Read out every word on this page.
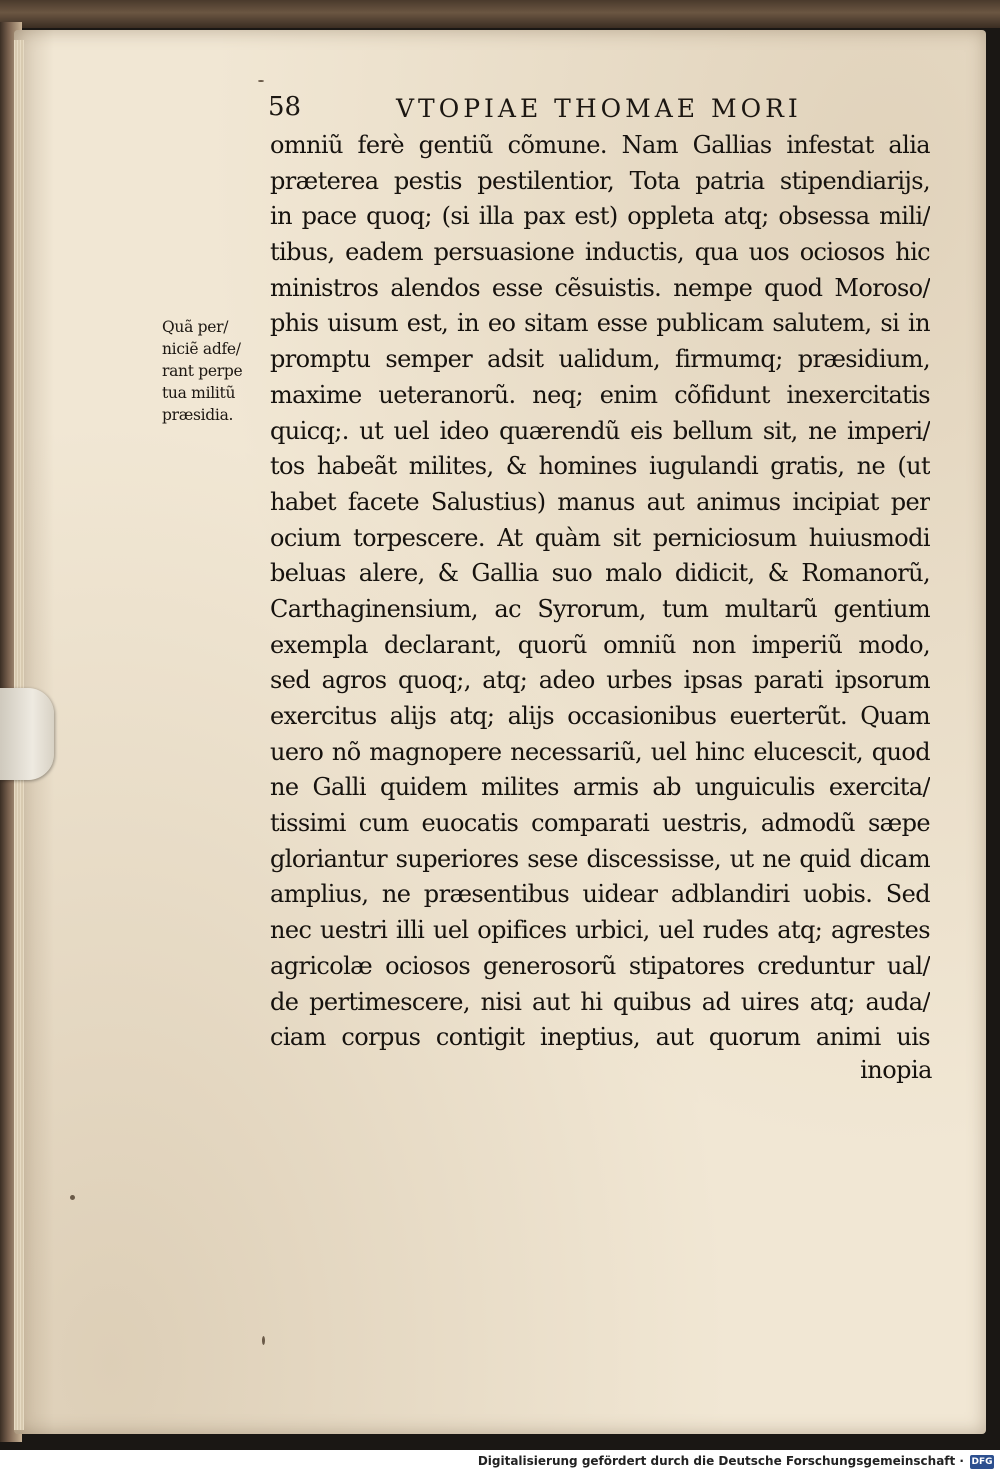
58	VTOPIAE THOMAE MORI
Quã per/
niciẽ adfe/
rant perpe
tua militũ
præsidia.
omniũ ferè gentiũ cõmune. Nam Gallias infestat alia
præterea pestis pestilentior, Tota patria stipendiarijs,
in pace quoq; (si illa pax est) oppleta atq; obsessa mili/
tibus, eadem persuasione inductis, qua uos ociosos hic
ministros alendos esse cẽsuistis. nempe quod Moroso/
phis uisum est, in eo sitam esse publicam salutem, si in
promptu semper adsit ualidum, firmumq; præsidium,
maxime ueteranorũ. neq; enim cõfidunt inexercitatis
quicq;. ut uel ideo quærendũ eis bellum sit, ne imperi/
tos habeãt milites, & homines iugulandi gratis, ne (ut
habet facete Salustius) manus aut animus incipiat per
ocium torpescere. At quàm sit perniciosum huiusmodi
beluas alere, & Gallia suo malo didicit, & Romanorũ,
Carthaginensium, ac Syrorum, tum multarũ gentium
exempla declarant, quorũ omniũ non imperiũ modo,
sed agros quoq;, atq; adeo urbes ipsas parati ipsorum
exercitus alijs atq; alijs occasionibus euerterũt. Quam
uero nõ magnopere necessariũ, uel hinc elucescit, quod
ne Galli quidem milites armis ab unguiculis exercita/
tissimi cum euocatis comparati uestris, admodũ sæpe
gloriantur superiores sese discessisse, ut ne quid dicam
amplius, ne præsentibus uidear adblandiri uobis. Sed
nec uestri illi uel opifices urbici, uel rudes atq; agrestes
agricolæ ociosos generosorũ stipatores creduntur ual/
de pertimescere, nisi aut hi quibus ad uires atq; auda/
ciam corpus contigit ineptius, aut quorum animi uis
inopia
Digitalisierung gefördert durch die Deutsche Forschungsgemeinschaft · DFG
